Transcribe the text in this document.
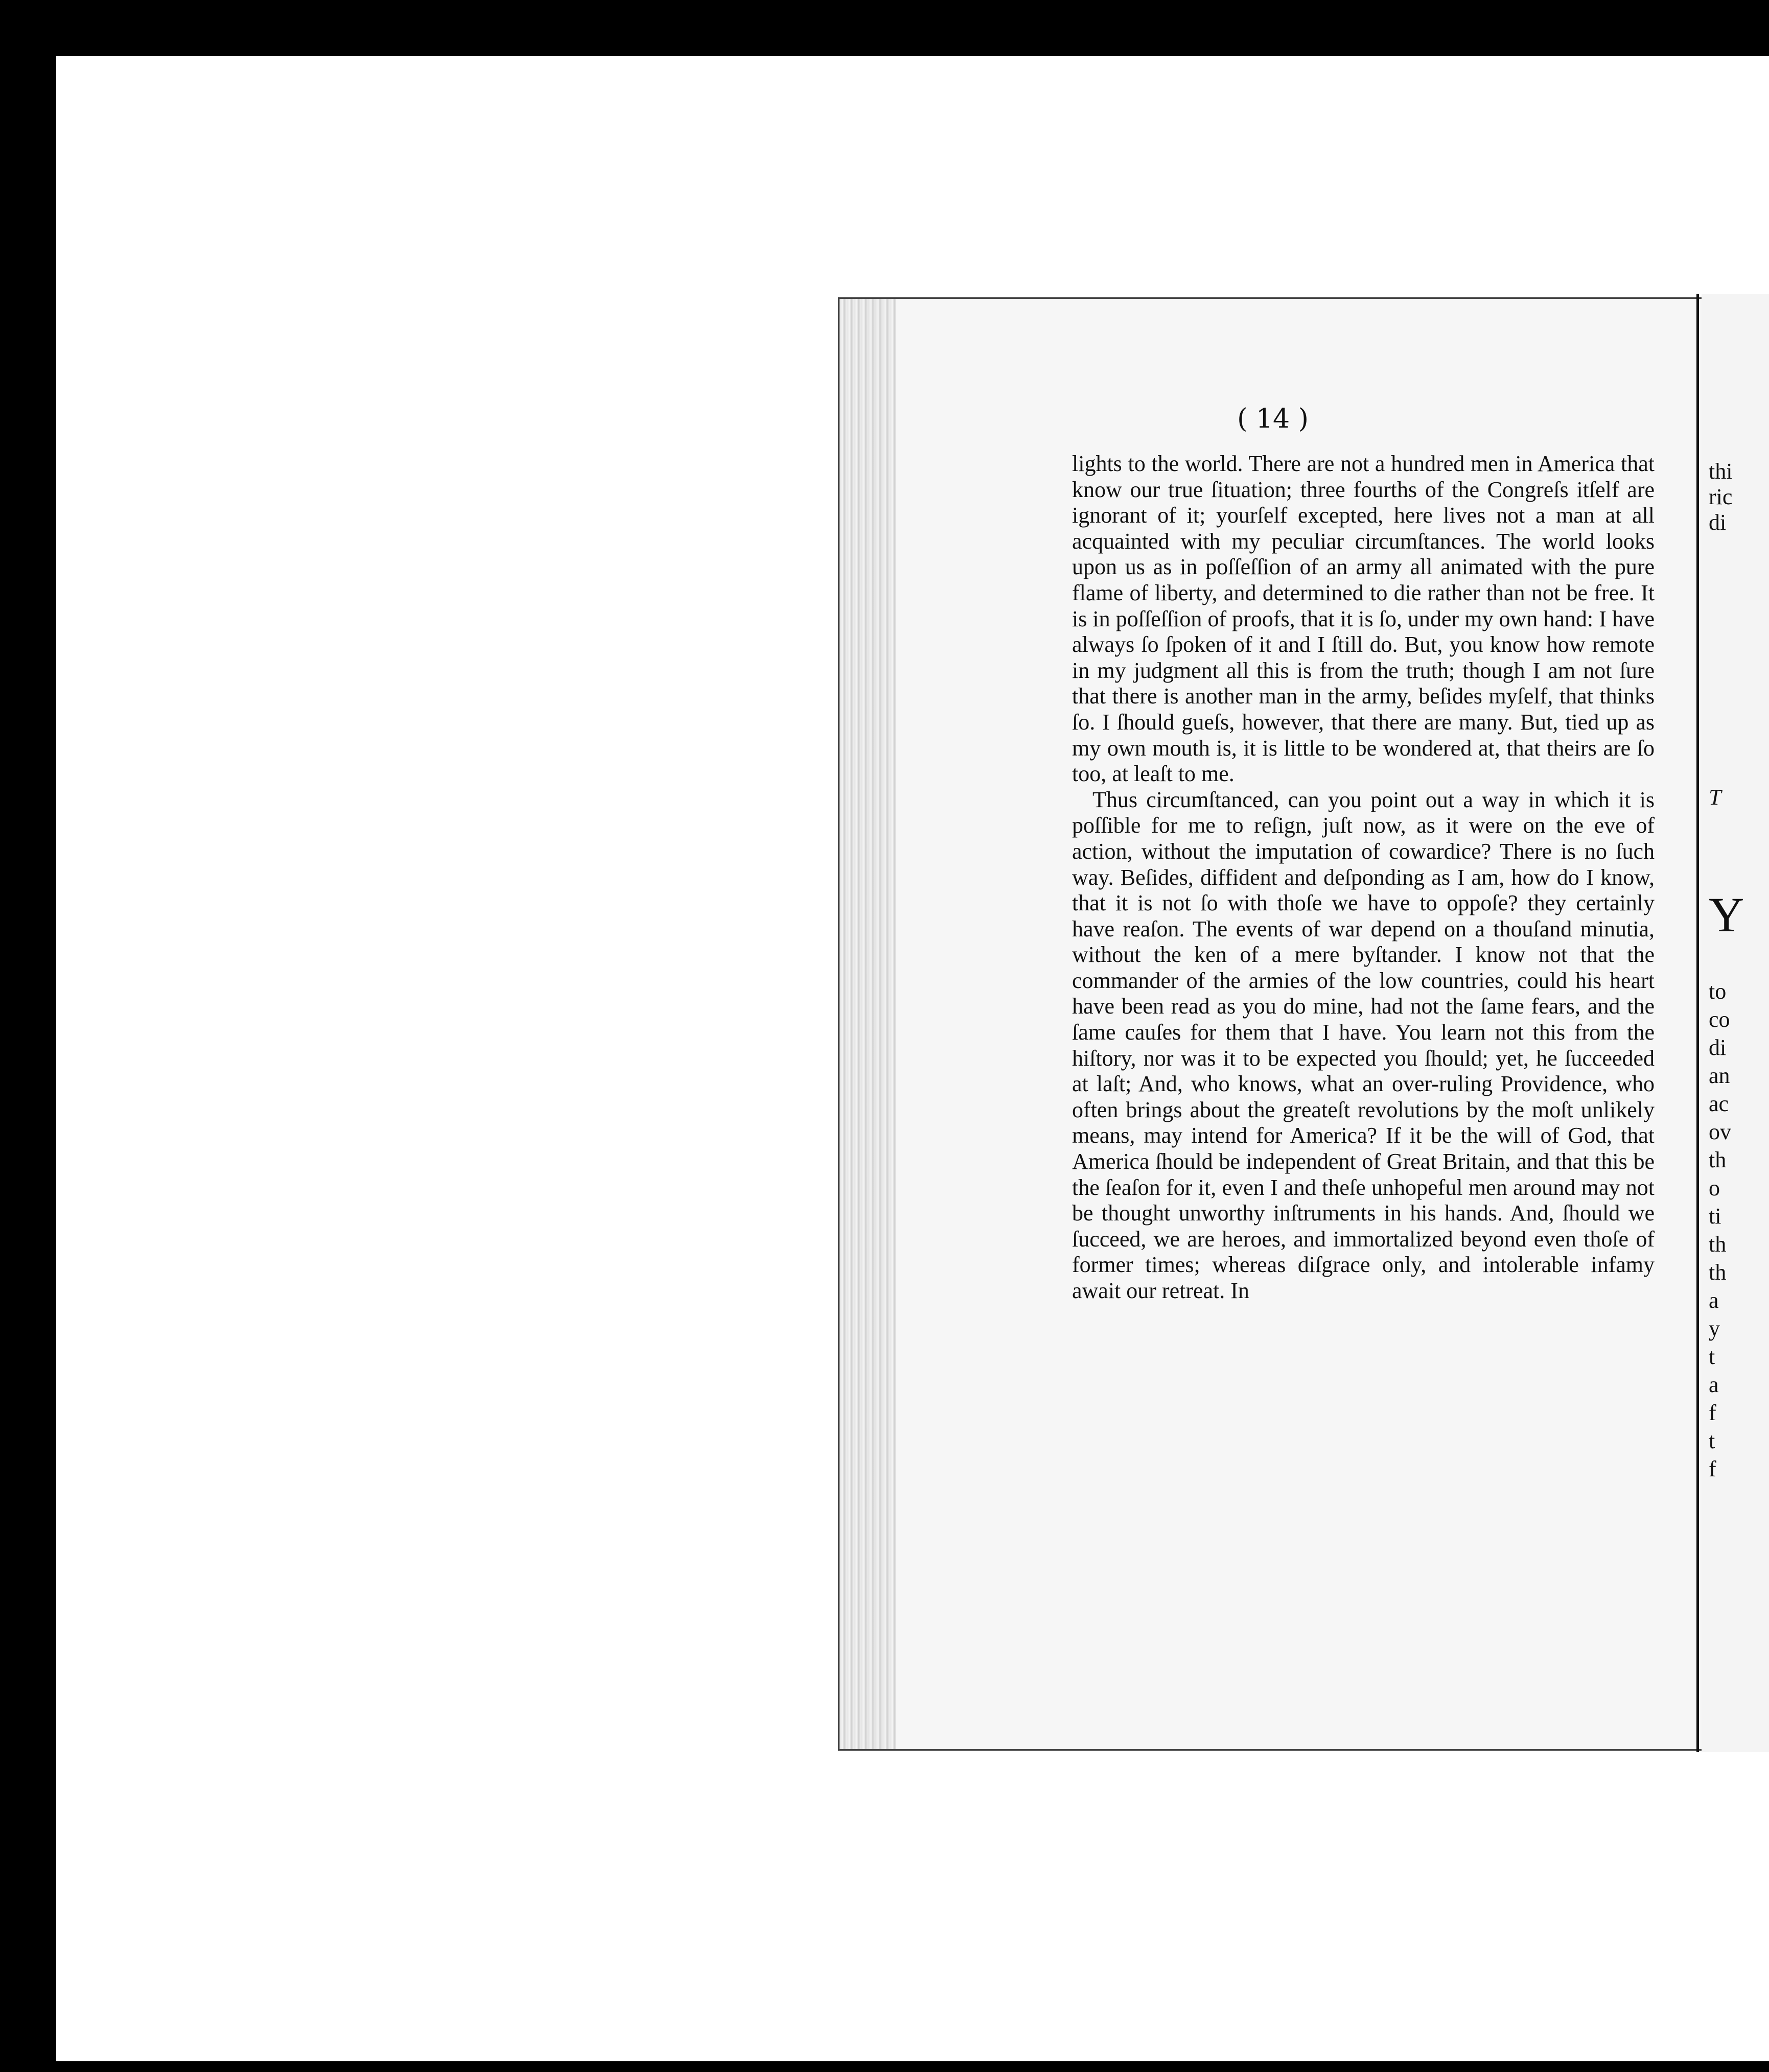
( 14 )

lights to the world. There are not a hundred men in America that know our true ſituation; three fourths of the Congreſs itſelf are ignorant of it; yourſelf excepted, here lives not a man at all acquainted with my peculiar circumſtances. The world looks upon us as in poſſeſſion of an army all animated with the pure flame of liberty, and determined to die rather than not be free. It is in poſſeſſion of proofs, that it is ſo, under my own hand: I have always ſo ſpoken of it and I ſtill do. But, you know how remote in my judgment all this is from the truth; though I am not ſure that there is another man in the army, beſides myſelf, that thinks ſo. I ſhould gueſs, however, that there are many. But, tied up as my own mouth is, it is little to be wondered at, that theirs are ſo too, at leaſt to me.

Thus circumſtanced, can you point out a way in which it is poſſible for me to reſign, juſt now, as it were on the eve of action, without the imputation of cowardice? There is no ſuch way. Beſides, diffident and deſponding as I am, how do I know, that it is not ſo with thoſe we have to oppoſe? they certainly have reaſon. The events of war depend on a thouſand minutia, without the ken of a mere byſtander. I know not that the commander of the armies of the low countries, could his heart have been read as you do mine, had not the ſame fears, and the ſame cauſes for them that I have. You learn not this from the hiſtory, nor was it to be expected you ſhould; yet, he ſucceeded at laſt; And, who knows, what an over-ruling Providence, who often brings about the greateſt revolutions by the moſt unlikely means, may intend for America? If it be the will of God, that America ſhould be independent of Great Britain, and that this be the ſeaſon for it, even I and theſe unhopeful men around may not be thought unworthy inſtruments in his hands. And, ſhould we ſucceed, we are heroes, and immortalized beyond even thoſe of former times; whereas diſgrace only, and intolerable infamy await our retreat. In

thi
ric
di
T
Y
to
co
di
an
ac
ov
th
o
ti
th
th
a
y
t
a
f
t
f
